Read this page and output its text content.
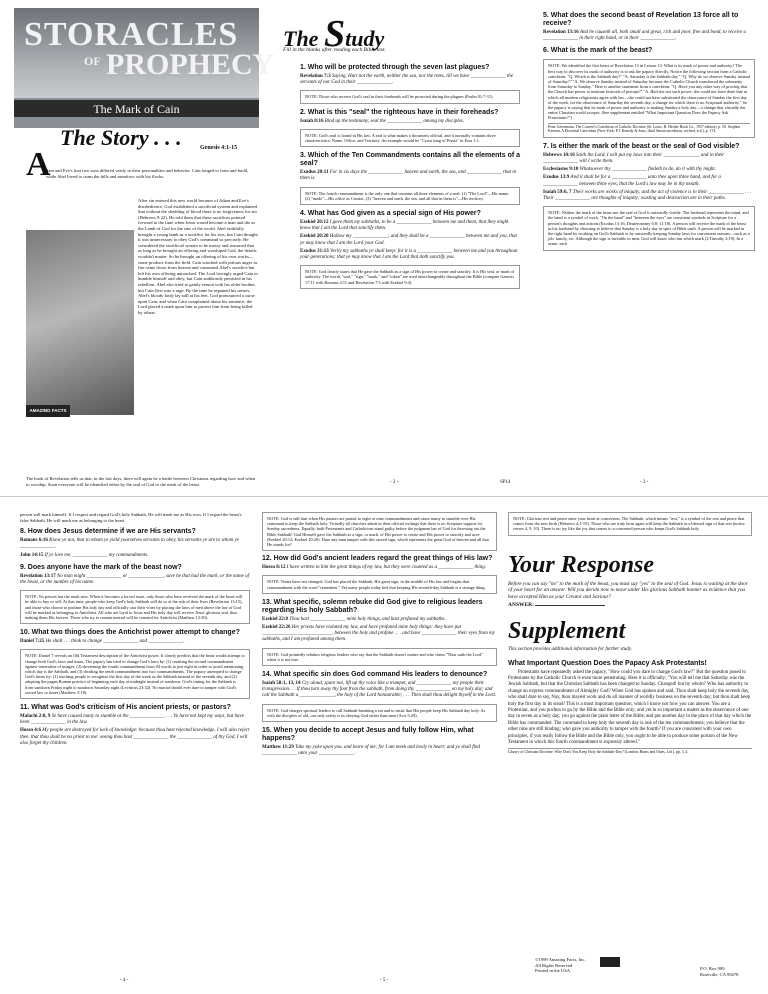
STORACLES
OF PROPHECY
The Mark of Cain
Genesis 4:1-15
The Story . . .
A

dam and Eve's first two sons differed vastly in their personalities and behavior. Cain longed to farm and build, while Abel loved to roam the hills and meadows with his flocks.

After sin entered this new world because of Adam and Eve's disobedience, God established a sacrificial system and explained that without the shedding of blood there is no forgiveness for sin (Hebrews 9:22). He told them that these sacrifices pointed forward to the time when Jesus would become a man and die as the Lamb of God for the sins of the world. Abel faithfully brought a young lamb as a sacrifice for his sins, but Cain thought it was unnecessary to obey God's command so precisely. He considered the sacrificial system to be messy and reasoned that as long as he brought an offering and worshiped God, the details wouldn't matter. So he brought an offering of his own works—some produce from the field. Cain watched with jealous anger as fire came down from heaven and consumed Abel's sacrifice but left his own offering untouched. The Lord lovingly urged Cain to humble himself and obey, but Cain stubbornly persisted in his rebellion. Abel also tried to gently reason with his older brother, but Cain flew into a rage. By the time he regained his senses, Abel's bloody body lay still at his feet. God pronounced a curse upon Cain, and when Cain complained about his sentence, the Lord placed a mark upon him to protect him from being killed by others.

AMAZING FACTS

The book of Revelation tells us that, in the last days, there will again be a battle between Christians regarding how and when to worship. Soon everyone will be identified either by the seal of God or the mark of the beast.

The Study
Fill in the blanks after reading each Bible text.

1. Who will be protected through the seven last plagues?

Revelation 7:3 Saying, Hurt not the earth, neither the sea, nor the trees, till we have ______________ the servants of our God in their ______________.

NOTE: Those who receive God's seal in their foreheads will be protected during the plagues (Psalm 91:7-11).

2. What is this "seal" the righteous have in their foreheads?

Isaiah 8:16 Bind up the testimony, seal the ______________ among my disciples.

NOTE: God's seal is found in His law. A seal is what makes a document official, and it normally contains three characteristics: Name, Office, and Territory. An example would be "Cyrus king of Persia" in Ezra 1:1.

3. Which of the Ten Commandments contains all the elements of a seal?

Exodus 20:11 For in six days the ______________ heaven and earth, the sea, and ______________ that in them is.

NOTE: The fourth commandment is the only one that contains all three elements of a seal: (1) "The Lord"—His name, (2) "made"—His office as Creator, (3) "heaven and earth, the sea, and all that in them is"—His territory.

4. What has God given as a special sign of His power?

Ezekiel 20:12 I gave them my sabbaths, to be a ______________ between me and them, that they might know that I am the Lord that sanctify them.

Ezekiel 20:20 Hallow my ______________; and they shall be a ______________ between me and you, that ye may know that I am the Lord your God.

Exodus 31:13 Verily my sabbaths ye shall keep: for it is a ______________ between me and you throughout your generations; that ye may know that I am the Lord that doth sanctify you.

NOTE: God clearly states that He gave the Sabbath as a sign of His power to create and sanctify. It is His seal, or mark of authority. The words "seal," "sign," "mark," and "token" are used interchangeably throughout the Bible (compare Genesis 17:11 with Romans 4:11 and Revelation 7:3 with Ezekiel 9:4).

5. What does the second beast of Revelation 13 force all to receive?

Revelation 13:16 And he causeth all, both small and great, rich and poor, free and bond, to receive a ______________ in their right hand, or in their ______________.

6. What is the mark of the beast?

NOTE: We identified the first beast of Revelation 13 in Lesson 13. What is its mark of power and authority? The best way to discover its mark of authority is to ask the papacy directly. Notice the following section from a Catholic catechism: "Q. Which is the Sabbath day?" "A. Saturday is the Sabbath day." "Q. Why do we observe Sunday instead of Saturday?" "A. We observe Sunday instead of Saturday because the Catholic Church transferred the solemnity from Saturday to Sunday." Here is another statement from a catechism: "Q. Have you any other way of proving that the Church has power to institute festivals of precept?" "A. Had she not such power, she could not have done that in which all modern religionists agree with her—she could not have substituted the observance of Sunday the first day of the week, for the observance of Saturday the seventh day, a change for which there is no Scriptural authority." So the papacy is saying that its mark of power and authority is making Sunday a holy day—a change that virtually the entire Christian world accepts. (See supplement entitled "What Important Question Does the Papacy Ask Protestants?")
Peter Geiermann, The Convert's Catechism of Catholic Doctrine (St. Louis: B. Herder Book Co., 1957 edition), p. 50. Stephen Keenan, A Doctrinal Catechism (New York: P.J. Kenedy & Sons, third American edition, revised, n.d.), p. 174.

7. Is either the mark of the beast or the seal of God visible?

Hebrews 10:16 Saith the Lord, I will put my laws into their ______________, and in their ______________ will I write them.

Ecclesiastes 9:10 Whatsoever thy ______________ findeth to do, do it with thy might.

Exodus 13:9 And it shall be for a ______________ unto thee upon thine hand, and for a ______________ between thine eyes, that the Lord's law may be in thy mouth.

Isaiah 59:6, 7 Their works are works of iniquity, and the act of violence is in their ______________ . . . Their ______________ are thoughts of iniquity; wasting and destruction are in their paths.

NOTE: Neither the mark of the beast nor the seal of God is outwardly visible. The forehead represents the mind, and the hand is a symbol of work. "On the hand" and "between the eyes" are consistent symbols in Scripture for a person's thoughts and actions (Exodus 13:16; Deuteronomy 6:8; 11:18). A person will receive the mark of the beast in his forehead by choosing to believe that Sunday is a holy day in spite of Bible truth. A person will be marked in the right hand by working on God's Sabbath or by outwardly keeping Sunday laws for convenient reasons—such as a job, family, etc. Although the sign is invisible to men, God will know who has which mark (2 Timothy 2:19). In a sense, each
- 2 -	SP14	- 3 -

person will mark himself. If I respect and regard God's holy Sabbath, He will mark me as His own. If I regard the beast's false Sabbath, He will mark me as belonging to the beast.

8. How does Jesus determine if we are His servants?

Romans 6:16 Know ye not, that to whom ye yield yourselves servants to obey, his servants ye are to whom ye ______________.

John 14:15 If ye love me, ______________ my commandments.

9. Does anyone have the mark of the beast now?

Revelation 13:17 No man might ______________ or ______________, save he that had the mark, or the name of the beast, or the number of his name.

NOTE: No person has the mark now. When it becomes a forced issue, only those who have received the mark of the beast will be able to buy or sell. At that time, people who keep God's holy Sabbath will do so at the risk of their lives (Revelation 13:15), and those who choose to profane His holy day and officially cast their votes by placing the laws of men above the law of God will be marked as belonging to Antichrist. All who are loyal to Jesus and His holy day will receive Jesus' glorious seal, thus making them His forever. Those who try to remain neutral will be counted for Antichrist (Matthew 12:30).

10. What two things does the Antichrist power attempt to change?

Daniel 7:25 He shall . . . think to change ______________ and ______________.

NOTE: Daniel 7 reveals an Old Testament description of the Antichrist power. It clearly predicts that the beast would attempt to change both God's laws and times. The papacy has tried to change God's laws by: (1) omitting the second commandment against veneration of images, (2) shortening the fourth commandment from 94 words to just eight in order to avoid mentioning which day is the Sabbath, and (3) dividing the tenth commandment into two commandments. The papacy attempted to change God's times by: (1) teaching people to recognize the first day of the week as the Sabbath instead of the seventh day, and (2) adopting the pagan Roman practice of beginning each day at midnight instead of sundown. God's timing for the Sabbath is from sundown Friday night to sundown Saturday night (Leviticus 23:32). No mortal should ever dare to tamper with God's sacred law or times (Matthew 5:18).

11. What was God's criticism of His ancient priests, or pastors?

Malachi 2:8, 9 Ye have caused many to stumble at the ______________ . . . Ye have not kept my ways, but have been ______________ in the law.

Hosea 4:6 My people are destroyed for lack of knowledge: because thou hast rejected knowledge, I will also reject thee, that thou shalt be no priest to me: seeing thou hast ______________ the ______________ of thy God, I will also forget thy children.

NOTE: God is still hurt when His pastors are partial to eight or nine commandments and cause many to stumble over His command to keep the Sabbath holy. Virtually all churches admit in their official writings that there is no Scripture support for Sunday sacredness. Equally, both Protestants and Catholicism stand guilty before the judgment bar of God for throwing out the Bible Sabbath! God Himself gave the Sabbath as a sign, or mark, of His power to create and His power to sanctify and save (Ezekiel 20:12; Ezekiel 20:20). Dare any man tamper with this sacred sign, which represents the great God of heaven and all that He stands for?

12. How did God's ancient leaders regard the great things of His law?

Hosea 8:12 I have written to him the great things of my law, but they were counted as a ______________ thing.

NOTE: Times have not changed. God has placed the Sabbath, His great sign, in the middle of His law and begins that commandment with the word "remember." Yet many people today feel that keeping His seventh-day Sabbath is a strange thing.

13. What specific, solemn rebuke did God give to religious leaders regarding His holy Sabbath?

Ezekiel 22:8 Thou hast ______________ mine holy things, and hast profaned my sabbaths.

Ezekiel 22:26 Her priests have violated my law, and have profaned mine holy things: they have put ______________ ______________ between the holy and profane . . . and have ______________ their eyes from my sabbaths, and I am profaned among them.

NOTE: God pointedly rebukes religious leaders who say that the Sabbath doesn't matter and who claim "Thus saith the Lord" when it is not true.

14. What specific sin does God command His leaders to denounce?

Isaiah 58:1, 13, 14 Cry aloud, spare not, lift up thy voice like a trumpet, and ______________ my people their transgression. . . If thou turn away thy foot from the sabbath, from doing thy ______________ on my holy day; and call the Sabbath a ______________, the holy of the Lord honourable; . . . Then shalt thou delight thyself in the Lord.

NOTE: God charges spiritual leaders to call Sabbath-breaking a sin and to insist that His people keep His Sabbath day holy. As with the disciples of old, our only safety is in obeying God rather than men (Acts 5:29).

15. When you decide to accept Jesus and fully follow Him, what happens?

Matthew 11:29 Take my yoke upon you, and learn of me; for I am meek and lowly in heart: and ye shall find ______________ unto your ______________.

NOTE: Glorious rest and peace enter your heart at conversion. The Sabbath, which means "rest," is a symbol of the rest and peace that comes from the new birth (Hebrews 4:1-10). Those who are truly born again will keep the Sabbath as a blessed sign of that rest (notice verses 4, 9, 10). There is no joy like the joy that comes to a converted person who keeps God's Sabbath holy.
Your Response

Before you can say "no" to the mark of the beast, you must say "yes" to the seal of God. Jesus is waiting at the door of your heart for an answer. Will you decide now to move under His glorious Sabbath banner as evidence that you have accepted Him as your Creator and Saviour?

ANSWER:

Supplement

This section provides additional information for further study.

What Important Question Does the Papacy Ask Protestants!

Protestants have repeatedly asked the papacy, "How could you dare to change God's law?" But the question posed to Protestants by the Catholic Church is even more penetrating. Here it is officially: "You will tell me that Saturday was the Jewish Sabbath, but that the Christian Sabbath has been changed to Sunday. Changed! but by whom? Who has authority to change an express commandment of Almighty God? When God has spoken and said, Thou shalt keep holy the seventh day, who shall dare to say, Nay, thou mayest work and do all manner of worldly business on the seventh day; but thou shalt keep holy the first day in its stead! This is a most important question, which I know not how you can answer. You are a Protestant, and you profess to go by the Bible and the Bible only; and yet in so important a matter as the observance of one day in seven as a holy day, you go against the plain letter of the Bible, and put another day in the place of that day which the Bible has commanded. The command to keep holy the seventh day is one of the ten commandments; you believe that the other nine are still binding; who gave you authority to tamper with the fourth? If you are consistent with your own principles, if you really follow the Bible and the Bible only, you ought to be able to produce some portion of the New Testament in which this fourth commandment is expressly altered."

Library of Christian Doctrine: Why Don't You Keep Holy the Sabbath-Day? (London: Burns and Oates, Ltd.), pp. 3, 4.

©1999 Amazing Facts, Inc.
All Rights Reserved
Printed in the USA	P.O. Box 909
Roseville, CA 95678
- 4 -	- 5 -
